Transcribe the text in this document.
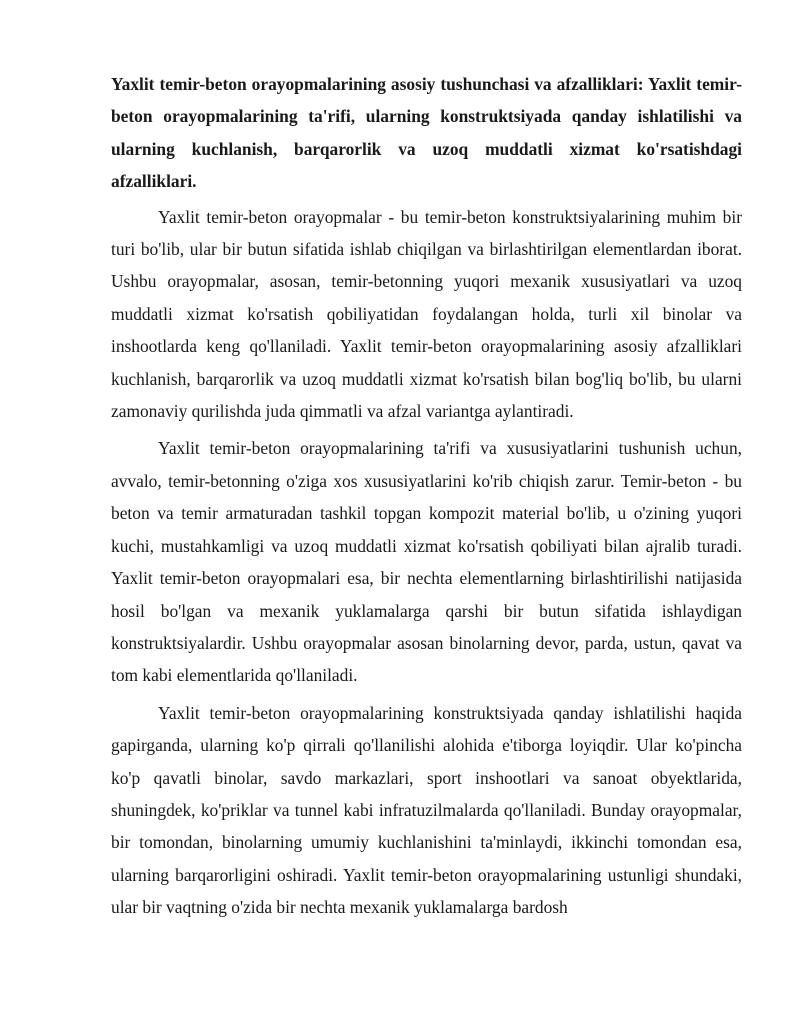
Yaxlit temir-beton orayopmalarining asosiy tushunchasi va afzalliklari: Yaxlit temir-beton orayopmalarining ta'rifi, ularning konstruktsiyada qanday ishlatilishi va ularning kuchlanish, barqarorlik va uzoq muddatli xizmat ko'rsatishdagi afzalliklari.

Yaxlit temir-beton orayopmalar - bu temir-beton konstruktsiyalarining muhim bir turi bo'lib, ular bir butun sifatida ishlab chiqilgan va birlashtirilgan elementlardan iborat. Ushbu orayopmalar, asosan, temir-betonning yuqori mexanik xususiyatlari va uzoq muddatli xizmat ko'rsatish qobiliyatidan foydalangan holda, turli xil binolar va inshootlarda keng qo'llaniladi. Yaxlit temir-beton orayopmalarining asosiy afzalliklari kuchlanish, barqarorlik va uzoq muddatli xizmat ko'rsatish bilan bog'liq bo'lib, bu ularni zamonaviy qurilishda juda qimmatli va afzal variantga aylantiradi.

Yaxlit temir-beton orayopmalarining ta'rifi va xususiyatlarini tushunish uchun, avvalo, temir-betonning o'ziga xos xususiyatlarini ko'rib chiqish zarur. Temir-beton - bu beton va temir armaturadan tashkil topgan kompozit material bo'lib, u o'zining yuqori kuchi, mustahkamligi va uzoq muddatli xizmat ko'rsatish qobiliyati bilan ajralib turadi. Yaxlit temir-beton orayopmalari esa, bir nechta elementlarning birlashtirilishi natijasida hosil bo'lgan va mexanik yuklamalarga qarshi bir butun sifatida ishlaydigan konstruktsiyalardir. Ushbu orayopmalar asosan binolarning devor, parda, ustun, qavat va tom kabi elementlarida qo'llaniladi.

Yaxlit temir-beton orayopmalarining konstruktsiyada qanday ishlatilishi haqida gapirganda, ularning ko'p qirrali qo'llanilishi alohida e'tiborga loyiqdir. Ular ko'pincha ko'p qavatli binolar, savdo markazlari, sport inshootlari va sanoat obyektlarida, shuningdek, ko'priklar va tunnel kabi infratuzilmalarda qo'llaniladi. Bunday orayopmalar, bir tomondan, binolarning umumiy kuchlanishini ta'minlaydi, ikkinchi tomondan esa, ularning barqarorligini oshiradi. Yaxlit temir-beton orayopmalarining ustunligi shundaki, ular bir vaqtning o'zida bir nechta mexanik yuklamalarga bardosh
